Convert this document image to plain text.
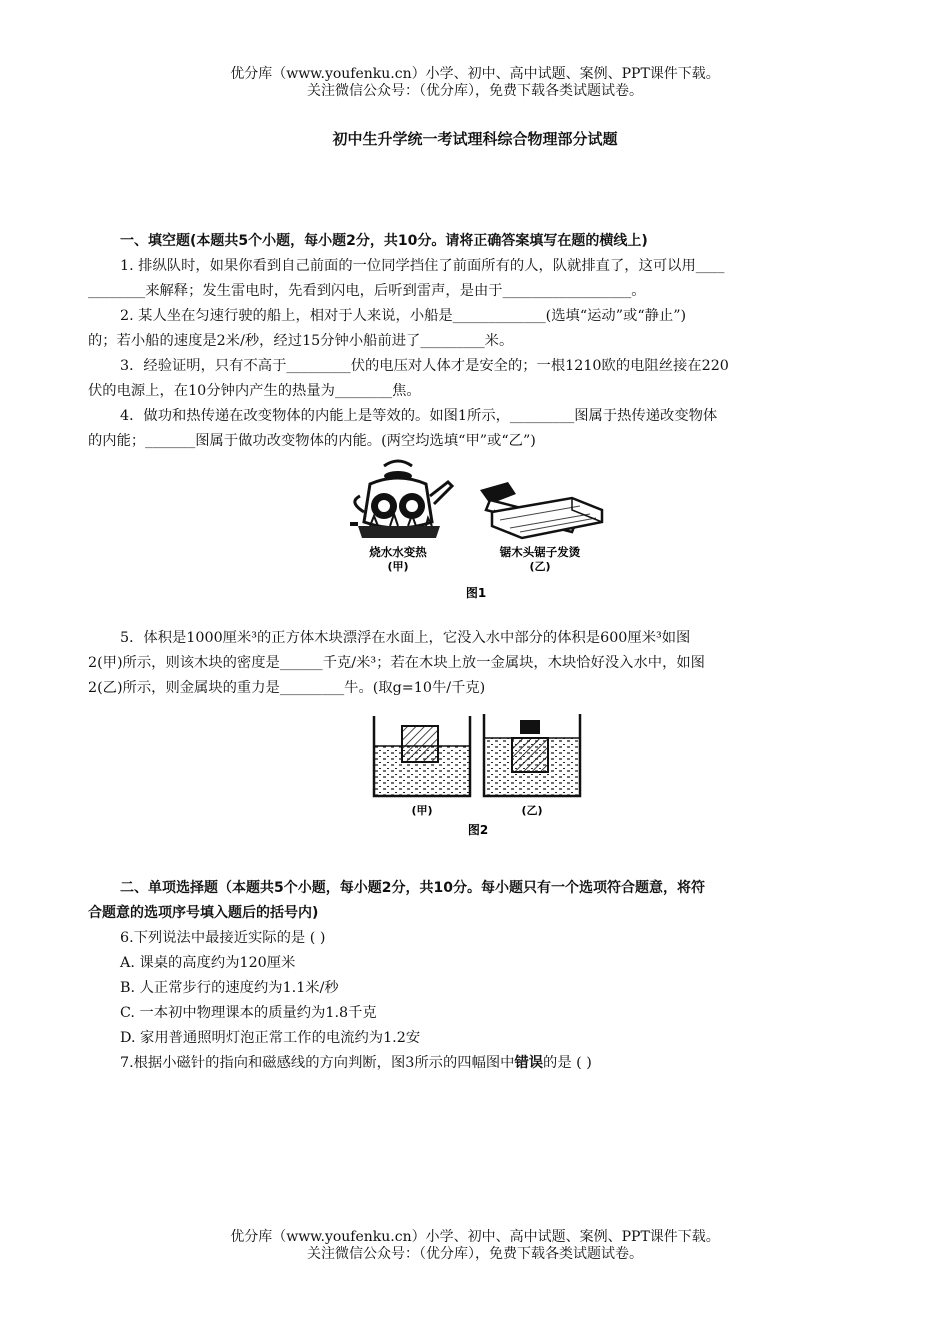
优分库（www.youfenku.cn）小学、初中、高中试题、案例、PPT课件下载。
关注微信公众号：（优分库），免费下载各类试题试卷。
初中生升学统一考试理科综合物理部分试题

一、填空题(本题共5个小题，每小题2分，共10分。请将正确答案填写在题的横线上)

1. 排纵队时，如果你看到自己前面的一位同学挡住了前面所有的人，队就排直了，这可以用____

________来解释；发生雷电时，先看到闪电，后听到雷声，是由于__________________。

2. 某人坐在匀速行驶的船上，相对于人来说，小船是_____________(选填“运动”或“静止”)

的；若小船的速度是2米/秒，经过15分钟小船前进了_________米。

3．经验证明，只有不高于_________伏的电压对人体才是安全的；一根1210欧的电阻丝接在220

伏的电源上，在10分钟内产生的热量为________焦。

4．做功和热传递在改变物体的内能上是等效的。如图1所示，_________图属于热传递改变物体

的内能；_______图属于做功改变物体的内能。(两空均选填“甲”或“乙”)

烧水水变热
(甲)
锯木头锯子发烫
(乙)
图1

5．体积是1000厘米³的正方体木块漂浮在水面上，它没入水中部分的体积是600厘米³如图

2(甲)所示，则该木块的密度是______千克/米³；若在木块上放一金属块，木块恰好没入水中，如图

2(乙)所示，则金属块的重力是_________牛。(取g=10牛/千克)

(甲)	(乙)
图2

二、单项选择题（本题共5个小题，每小题2分，共10分。每小题只有一个选项符合题意，将符

合题意的选项序号填入题后的括号内)

6.下列说法中最接近实际的是 ( )

A. 课桌的高度约为120厘米

B. 人正常步行的速度约为1.1米/秒

C. 一本初中物理课本的质量约为1.8千克

D. 家用普通照明灯泡正常工作的电流约为1.2安

7.根据小磁针的指向和磁感线的方向判断，图3所示的四幅图中错误的是 ( )

优分库（www.youfenku.cn）小学、初中、高中试题、案例、PPT课件下载。
关注微信公众号：（优分库），免费下载各类试题试卷。
